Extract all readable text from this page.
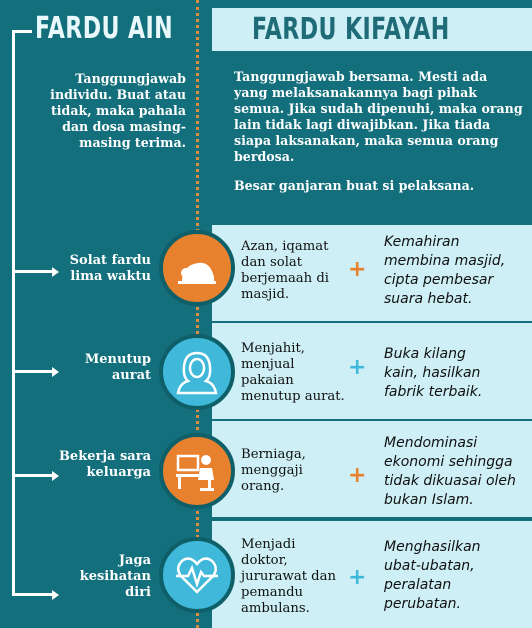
FARDU AIN	FARDU KIFAYAH
Tanggungjawab individu. Buat atau tidak, maka pahala dan dosa masing-masing terima.
Tanggungjawab bersama. Mesti ada yang melaksanakannya bagi pihak semua. Jika sudah dipenuhi, maka orang lain tidak lagi diwajibkan. Jika tiada siapa laksanakan, maka semua orang berdosa.
Besar ganjaran buat si pelaksana.
Solat fardu lima waktu
Azan, iqamat dan solat berjemaah di masjid.
+
Kemahiran membina masjid, cipta pembesar suara hebat.
Menutup aurat
Menjahit, menjual pakaian menutup aurat.
+
Buka kilang kain, hasilkan fabrik terbaik.
Bekerja sara keluarga
Berniaga, menggaji orang.	+
Mendominasi ekonomi sehingga tidak dikuasai oleh bukan Islam.
Jaga kesihatan diri
Menjadi doktor, jururawat dan pemandu ambulans.
+
Menghasilkan ubat-ubatan, peralatan perubatan.
